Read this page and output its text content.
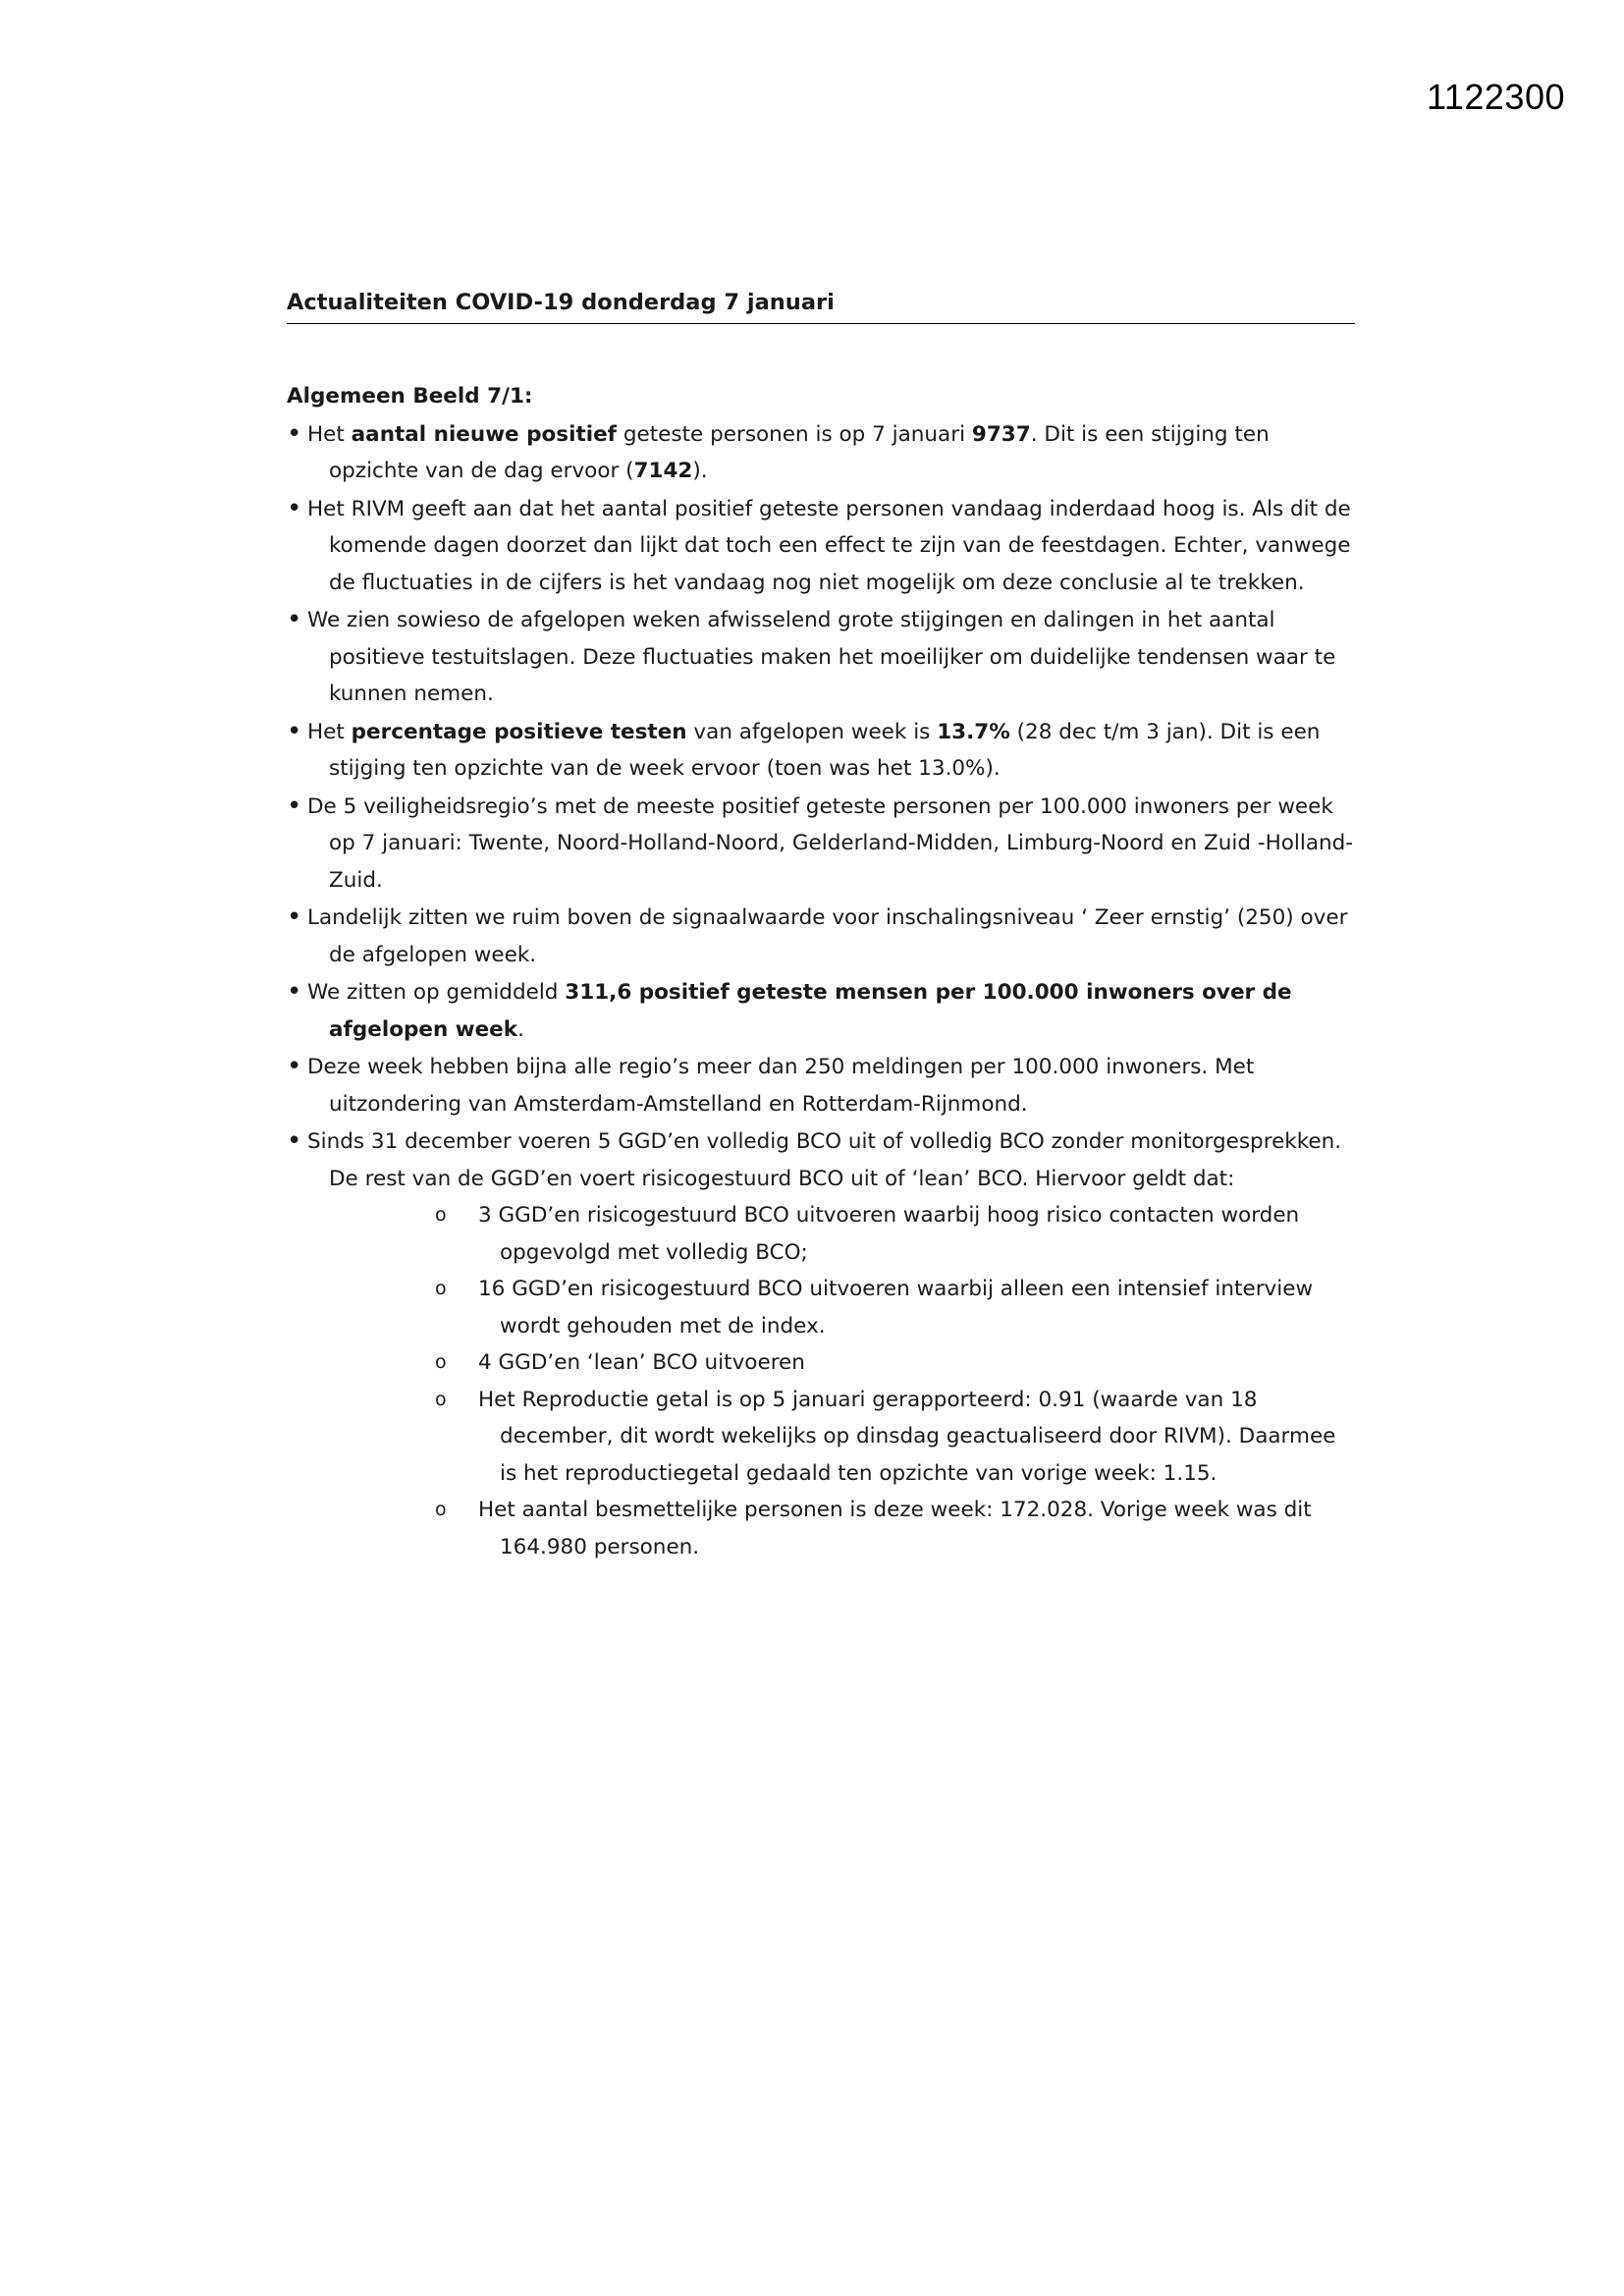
1122300
Actualiteiten COVID-19 donderdag 7 januari
Algemeen Beeld 7/1:
• Het aantal nieuwe positief geteste personen is op 7 januari 9737. Dit is een stijging ten opzichte van de dag ervoor (7142).
• Het RIVM geeft aan dat het aantal positief geteste personen vandaag inderdaad hoog is. Als dit de komende dagen doorzet dan lijkt dat toch een effect te zijn van de feestdagen. Echter, vanwege de fluctuaties in de cijfers is het vandaag nog niet mogelijk om deze conclusie al te trekken.
• We zien sowieso de afgelopen weken afwisselend grote stijgingen en dalingen in het aantal positieve testuitslagen. Deze fluctuaties maken het moeilijker om duidelijke tendensen waar te kunnen nemen.
• Het percentage positieve testen van afgelopen week is 13.7% (28 dec t/m 3 jan). Dit is een stijging ten opzichte van de week ervoor (toen was het 13.0%).
• De 5 veiligheidsregio’s met de meeste positief geteste personen per 100.000 inwoners per week op 7 januari: Twente, Noord-Holland-Noord, Gelderland-Midden, Limburg-Noord en Zuid -Holland-Zuid.
• Landelijk zitten we ruim boven de signaalwaarde voor inschalingsniveau ‘ Zeer ernstig’ (250) over de afgelopen week.
• We zitten op gemiddeld 311,6 positief geteste mensen per 100.000 inwoners over de afgelopen week.
• Deze week hebben bijna alle regio’s meer dan 250 meldingen per 100.000 inwoners. Met uitzondering van Amsterdam-Amstelland en Rotterdam-Rijnmond.
• Sinds 31 december voeren 5 GGD’en volledig BCO uit of volledig BCO zonder monitorgesprekken. De rest van de GGD’en voert risicogestuurd BCO uit of ‘lean’ BCO. Hiervoor geldt dat:
o 3 GGD’en risicogestuurd BCO uitvoeren waarbij hoog risico contacten worden opgevolgd met volledig BCO;
o 16 GGD’en risicogestuurd BCO uitvoeren waarbij alleen een intensief interview wordt gehouden met de index.
o 4 GGD’en ‘lean’ BCO uitvoeren
o Het Reproductie getal is op 5 januari gerapporteerd: 0.91 (waarde van 18 december, dit wordt wekelijks op dinsdag geactualiseerd door RIVM). Daarmee is het reproductiegetal gedaald ten opzichte van vorige week: 1.15.
o Het aantal besmettelijke personen is deze week: 172.028. Vorige week was dit 164.980 personen.
